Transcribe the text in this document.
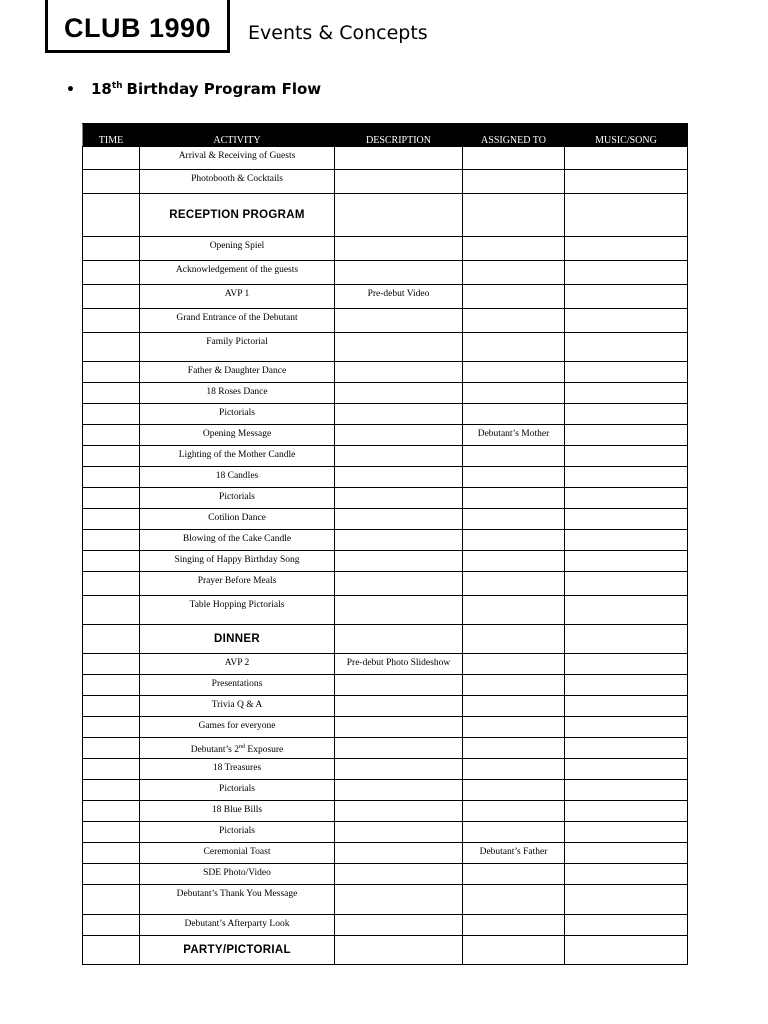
CLUB 1990 Events & Concepts
• 18th Birthday Program Flow
TIME	ACTIVITY	DESCRIPTION	ASSIGNED TO	MUSIC/SONG

	Arrival & Receiving of Guests			

	Photobooth & Cocktails			

	RECEPTION PROGRAM			

	Opening Spiel			

	Acknowledgement of the guests			

	AVP 1	Pre-debut Video		

	Grand Entrance of the Debutant			

	Family Pictorial			

	Father & Daughter Dance			

	18 Roses Dance			

	Pictorials			

	Opening Message		Debutant’s Mother	

	Lighting of the Mother Candle			

	18 Candles			

	Pictorials			

	Cotilion Dance			

	Blowing of the Cake Candle			

	Singing of Happy Birthday Song			

	Prayer Before Meals			

	Table Hopping Pictorials			

	DINNER			

	AVP 2	Pre-debut Photo Slideshow		

	Presentations			

	Trivia Q & A			

	Games for everyone			

	Debutant’s 2nd Exposure			

	18 Treasures			

	Pictorials			

	18 Blue Bills			

	Pictorials			

	Ceremonial Toast		Debutant’s Father	

	SDE Photo/Video			

	Debutant’s Thank You Message			

	Debutant’s Afterparty Look			

	PARTY/PICTORIAL			
